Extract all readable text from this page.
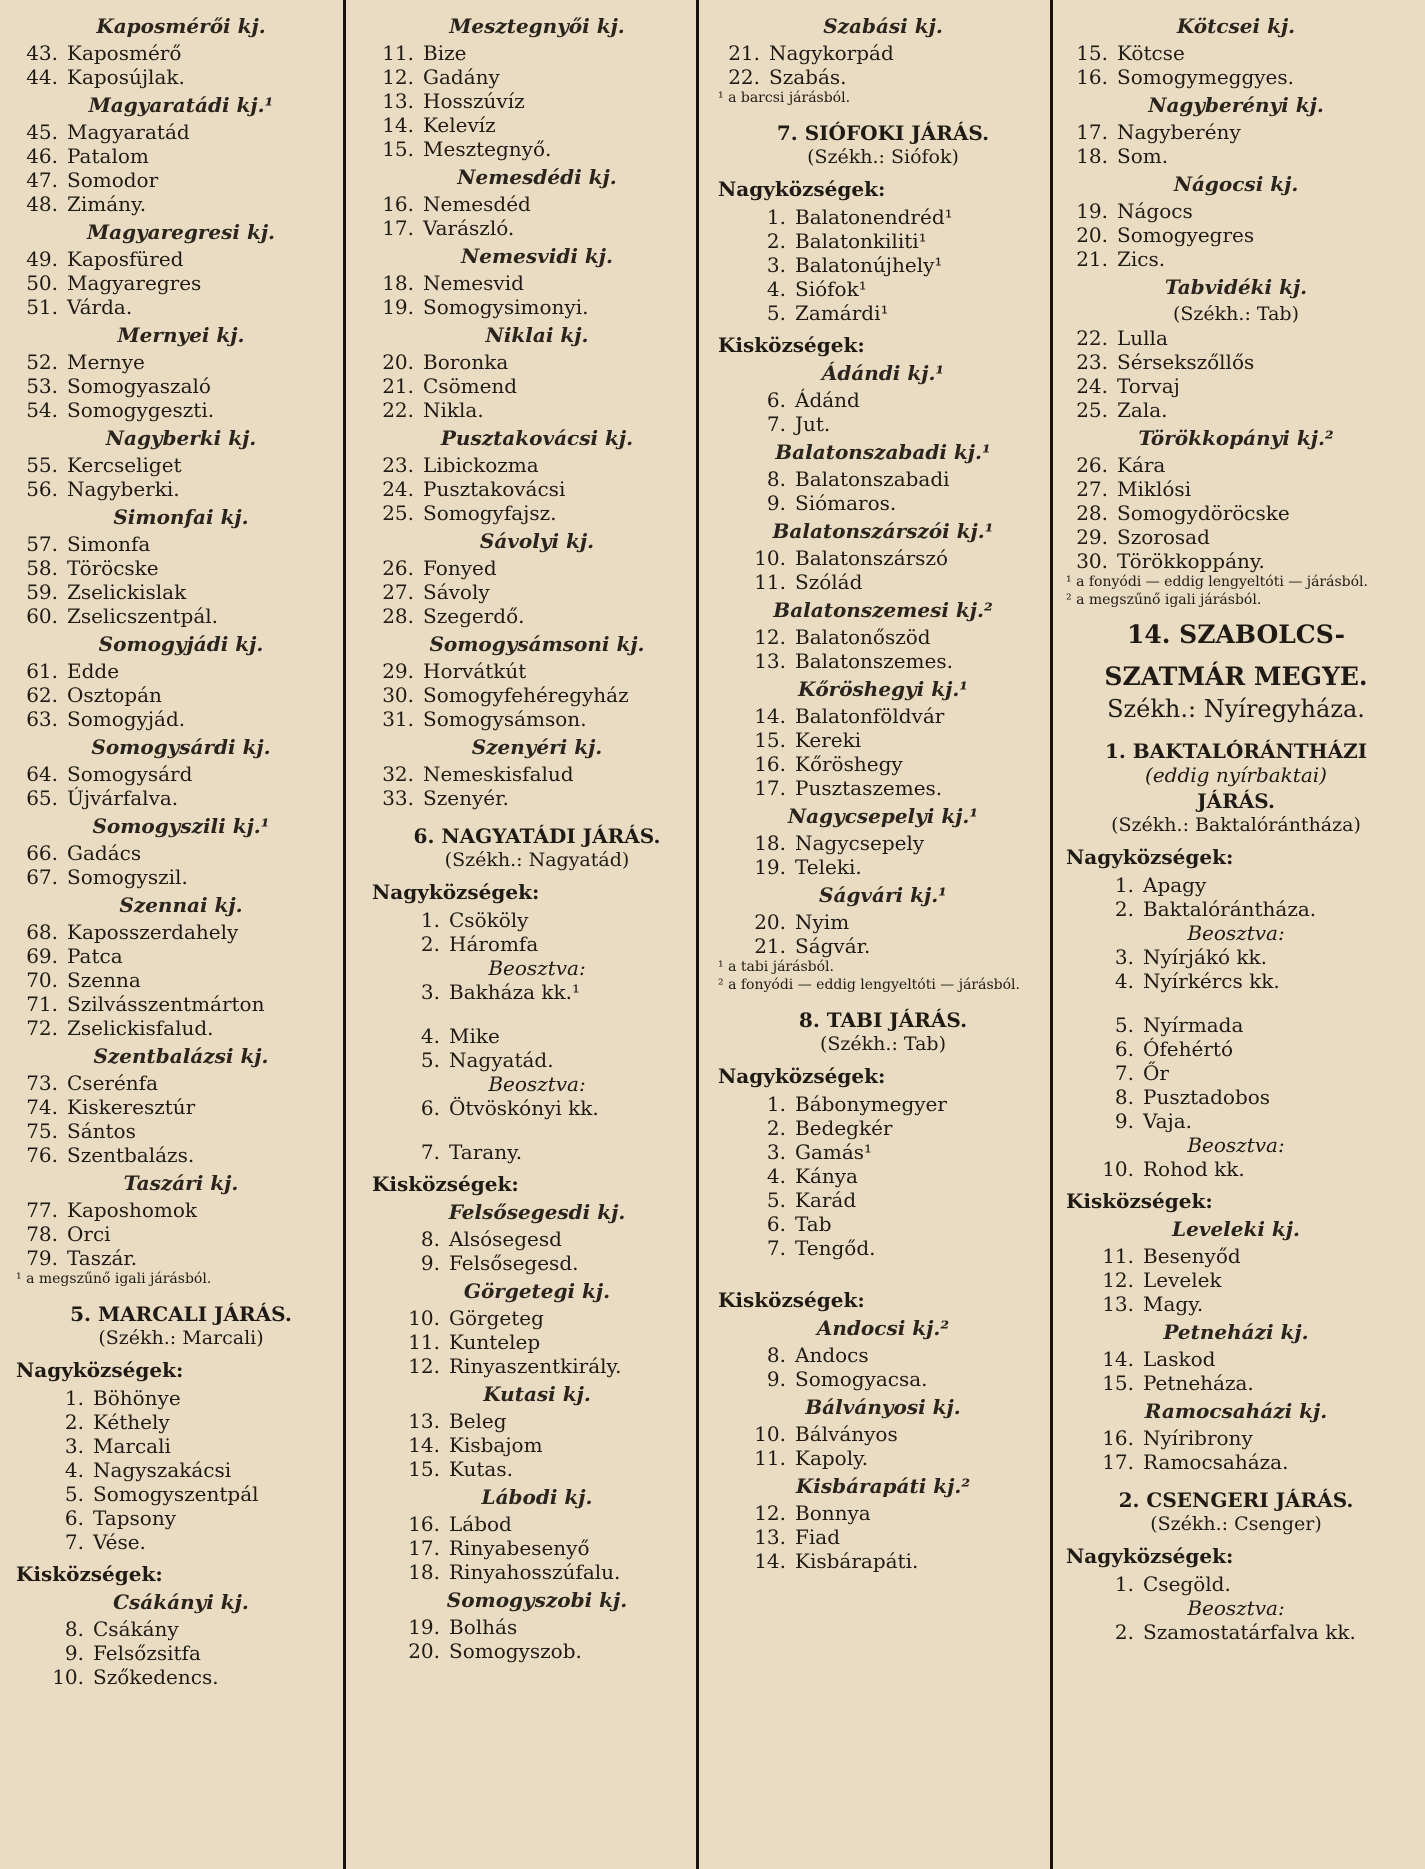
Kaposmérői kj.
43. Kaposmérő
44. Kaposújlak.
Magyaratádi kj.¹
45. Magyaratád
46. Patalom
47. Somodor
48. Zimány.
Magyaregresi kj.
49. Kaposfüred
50. Magyaregres
51. Várda.
Mernyei kj.
52. Mernye
53. Somogyaszaló
54. Somogygeszti.
Nagyberki kj.
55. Kercseliget
56. Nagyberki.
Simonfai kj.
57. Simonfa
58. Töröcske
59. Zselickislak
60. Zselicszentpál.
Somogyjádi kj.
61. Edde
62. Osztopán
63. Somogyjád.
Somogysárdi kj.
64. Somogysárd
65. Újvárfalva.
Somogyszili kj.¹
66. Gadács
67. Somogyszil.
Szennai kj.
68. Kaposszerdahely
69. Patca
70. Szenna
71. Szilvásszentmárton
72. Zselickisfalud.
Szentbalázsi kj.
73. Cserénfa
74. Kiskeresztúr
75. Sántos
76. Szentbalázs.
Taszári kj.
77. Kaposhomok
78. Orci
79. Taszár.
¹ a megszűnő igali járásból.
5. MARCALI JÁRÁS.
(Székh.: Marcali)
Nagyközségek:
1. Böhönye
2. Kéthely
3. Marcali
4. Nagyszakácsi
5. Somogyszentpál
6. Tapsony
7. Vése.
Kisközségek:
Csákányi kj.
8. Csákány
9. Felsőzsitfa
10. Szőkedencs.
Mesztegnyői kj.
11. Bize
12. Gadány
13. Hosszúvíz
14. Kelevíz
15. Mesztegnyő.
Nemesdédi kj.
16. Nemesdéd
17. Varászló.
Nemesvidi kj.
18. Nemesvid
19. Somogysimonyi.
Niklai kj.
20. Boronka
21. Csömend
22. Nikla.
Pusztakovácsi kj.
23. Libickozma
24. Pusztakovácsi
25. Somogyfajsz.
Sávolyi kj.
26. Fonyed
27. Sávoly
28. Szegerdő.
Somogysámsoni kj.
29. Horvátkút
30. Somogyfehéregyház
31. Somogysámson.
Szenyéri kj.
32. Nemeskisfalud
33. Szenyér.
6. NAGYATÁDI JÁRÁS.
(Székh.: Nagyatád)
Nagyközségek:
1. Csököly
2. Háromfa
Beosztva:
3. Bakháza kk.¹
4. Mike
5. Nagyatád.
Beosztva:
6. Ötvöskónyi kk.
7. Tarany.
Kisközségek:
Felsősegesdi kj.
8. Alsósegesd
9. Felsősegesd.
Görgetegi kj.
10. Görgeteg
11. Kuntelep
12. Rinyaszentkirály.
Kutasi kj.
13. Beleg
14. Kisbajom
15. Kutas.
Lábodi kj.
16. Lábod
17. Rinyabesenyő
18. Rinyahosszúfalu.
Somogyszobi kj.
19. Bolhás
20. Somogyszob.
Szabási kj.
21. Nagykorpád
22. Szabás.
¹ a barcsi járásból.
7. SIÓFOKI JÁRÁS.
(Székh.: Siófok)
Nagyközségek:
1. Balatonendréd¹
2. Balatonkiliti¹
3. Balatonújhely¹
4. Siófok¹
5. Zamárdi¹
Kisközségek:
Ádándi kj.¹
6. Ádánd
7. Jut.
Balatonszabadi kj.¹
8. Balatonszabadi
9. Siómaros.
Balatonszárszói kj.¹
10. Balatonszárszó
11. Szólád
Balatonszemesi kj.²
12. Balatonőszöd
13. Balatonszemes.
Kőröshegyi kj.¹
14. Balatonföldvár
15. Kereki
16. Kőröshegy
17. Pusztaszemes.
Nagycsepelyi kj.¹
18. Nagycsepely
19. Teleki.
Ságvári kj.¹
20. Nyim
21. Ságvár.
¹ a tabi járásból.
² a fonyódi — eddig lengyeltóti — járásból.
8. TABI JÁRÁS.
(Székh.: Tab)
Nagyközségek:
1. Bábonymegyer
2. Bedegkér
3. Gamás¹
4. Kánya
5. Karád
6. Tab
7. Tengőd.
Kisközségek:
Andocsi kj.²
8. Andocs
9. Somogyacsa.
Bálványosi kj.
10. Bálványos
11. Kapoly.
Kisbárapáti kj.²
12. Bonnya
13. Fiad
14. Kisbárapáti.
Kötcsei kj.
15. Kötcse
16. Somogymeggyes.
Nagyberényi kj.
17. Nagyberény
18. Som.
Nágocsi kj.
19. Nágocs
20. Somogyegres
21. Zics.
Tabvidéki kj.
(Székh.: Tab)
22. Lulla
23. Sérsekszőllős
24. Torvaj
25. Zala.
Törökkopányi kj.²
26. Kára
27. Miklósi
28. Somogydöröcske
29. Szorosad
30. Törökkoppány.
¹ a fonyódi — eddig lengyeltóti — járásból.
² a megszűnő igali járásból.
14. SZABOLCS-
SZATMÁR MEGYE.
Székh.: Nyíregyháza.
1. BAKTALÓRÁNTHÁZI
(eddig nyírbaktai)
JÁRÁS.
(Székh.: Baktalórántháza)
Nagyközségek:
1. Apagy
2. Baktalórántháza.
Beosztva:
3. Nyírjákó kk.
4. Nyírkércs kk.
5. Nyírmada
6. Ófehértó
7. Őr
8. Pusztadobos
9. Vaja.
Beosztva:
10. Rohod kk.
Kisközségek:
Leveleki kj.
11. Besenyőd
12. Levelek
13. Magy.
Petneházi kj.
14. Laskod
15. Petneháza.
Ramocsaházi kj.
16. Nyíribrony
17. Ramocsaháza.
2. CSENGERI JÁRÁS.
(Székh.: Csenger)
Nagyközségek:
1. Csegöld.
Beosztva:
2. Szamostatárfalva kk.
